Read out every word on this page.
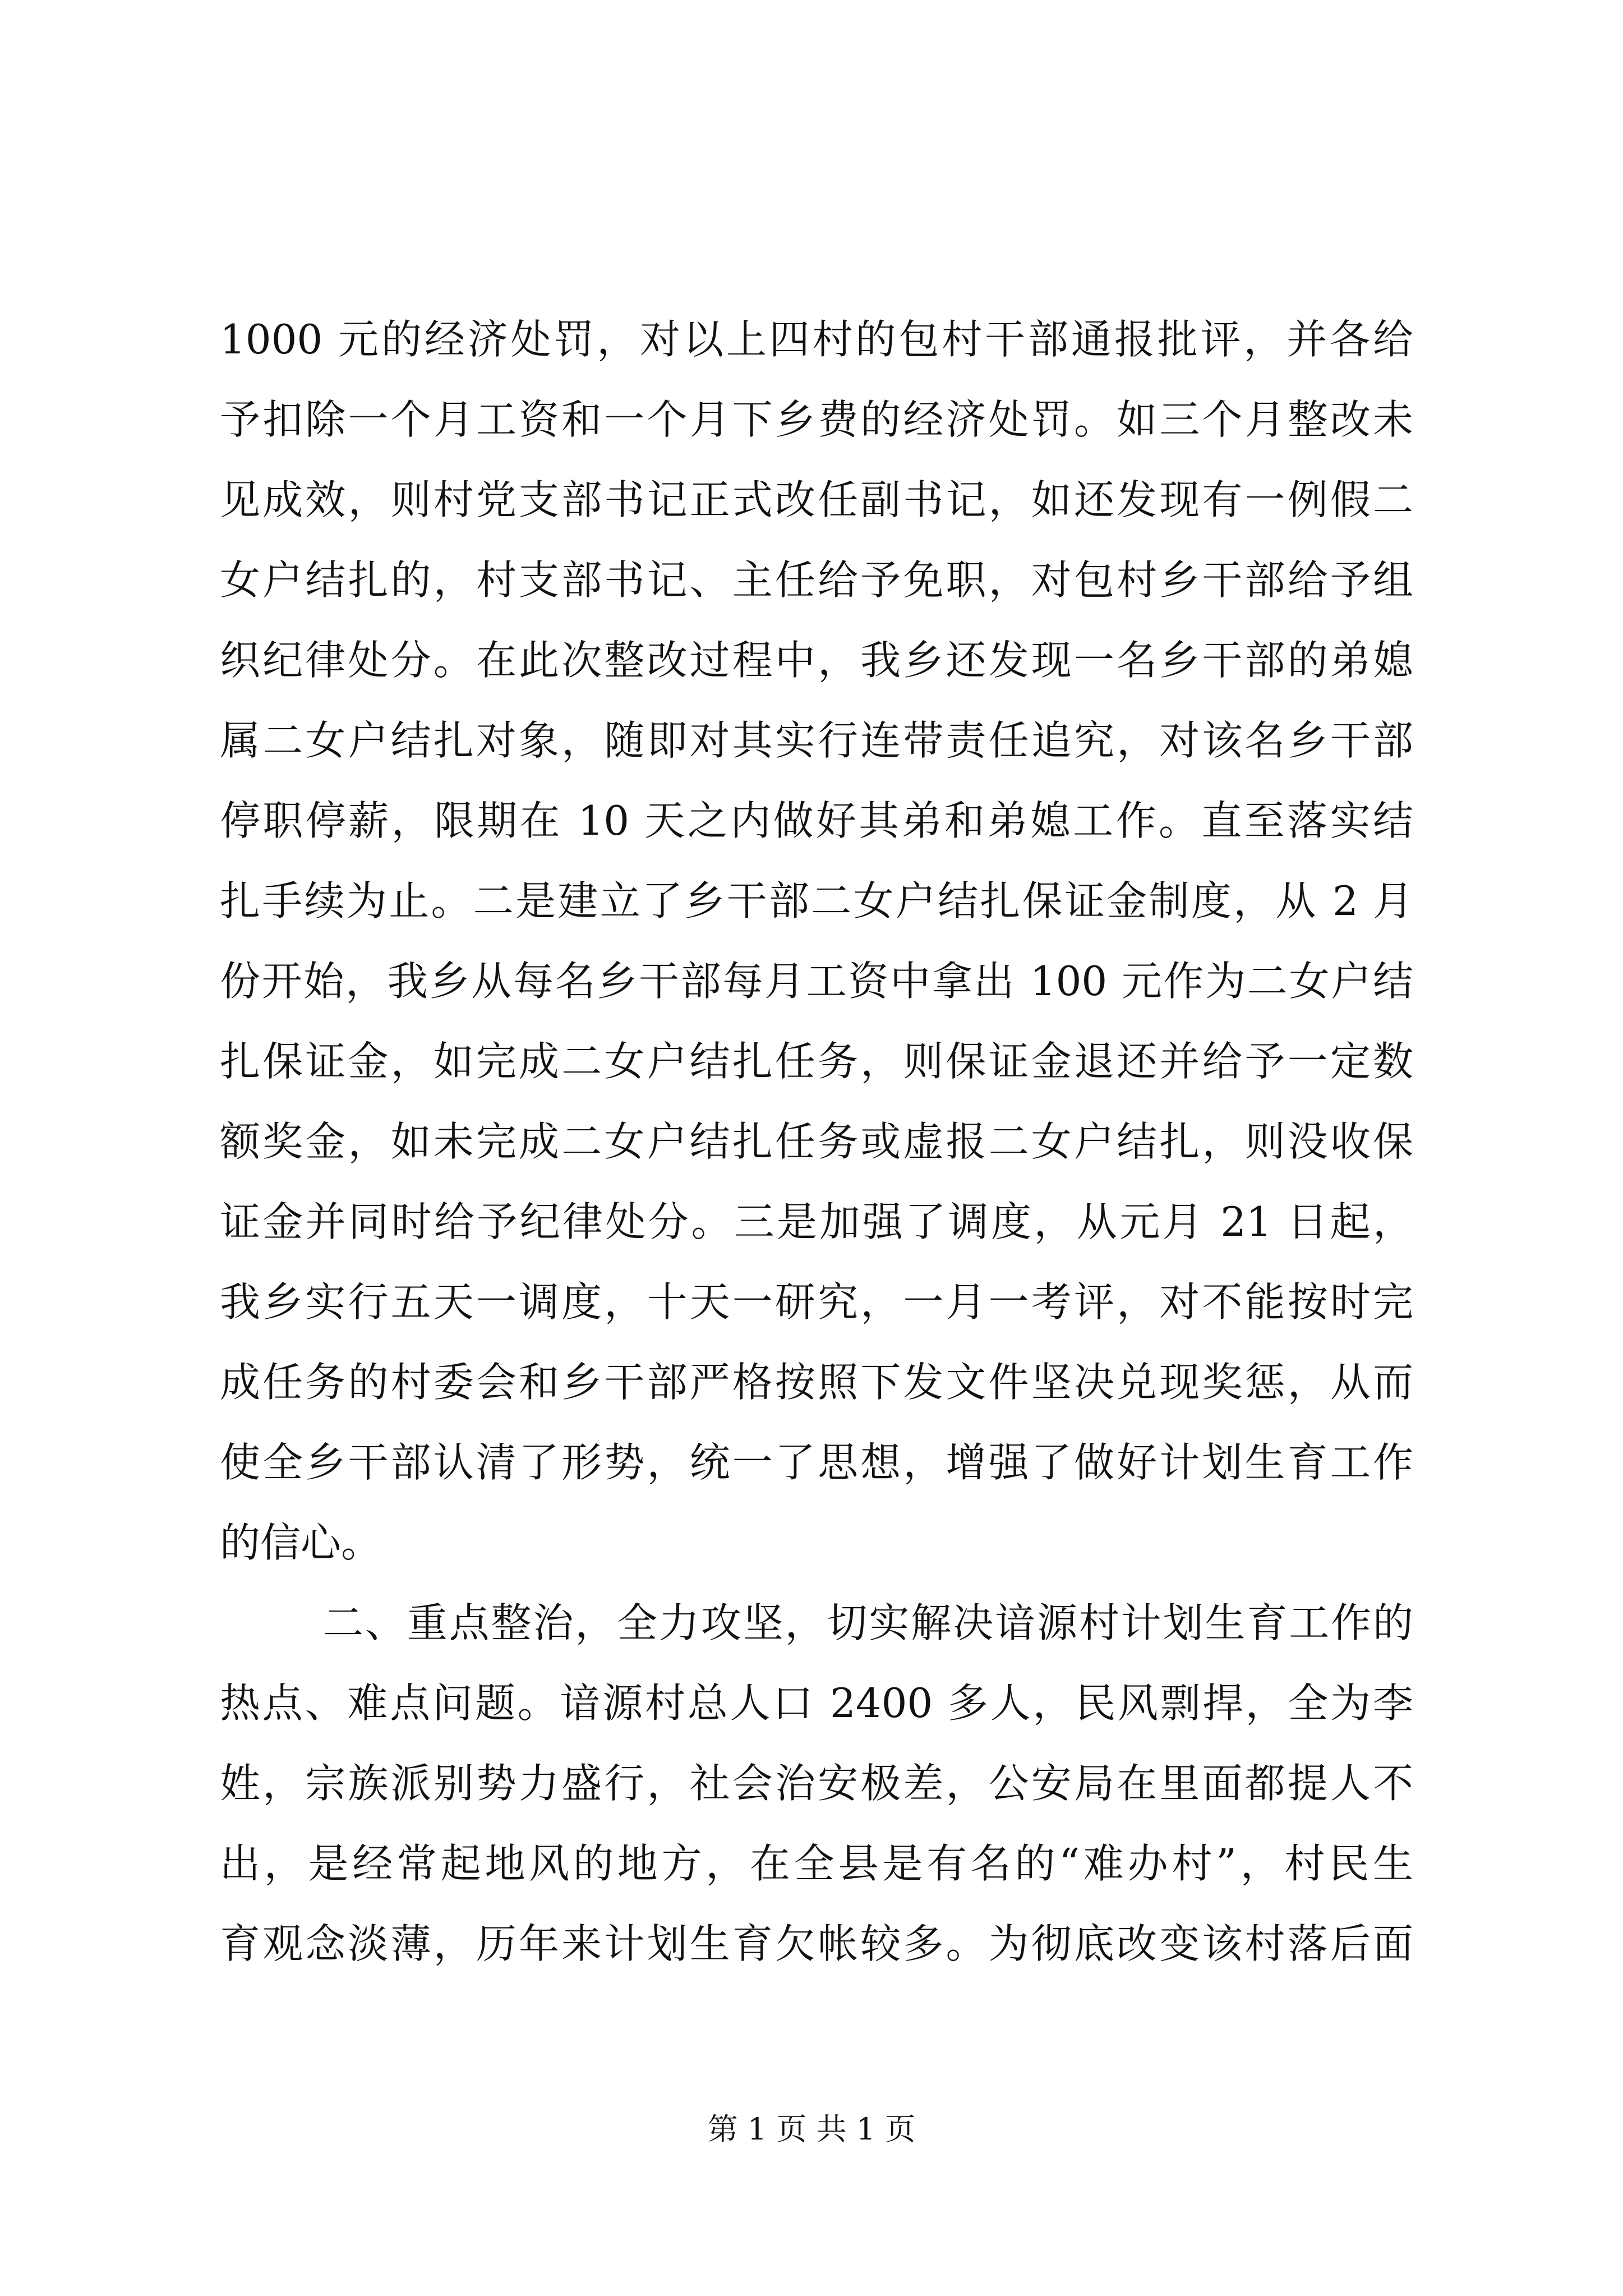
1000 元的经济处罚，对以上四村的包村干部通报批评，并各给
予扣除一个月工资和一个月下乡费的经济处罚。如三个月整改未
见成效，则村党支部书记正式改任副书记，如还发现有一例假二
女户结扎的，村支部书记、主任给予免职，对包村乡干部给予组
织纪律处分。在此次整改过程中，我乡还发现一名乡干部的弟媳
属二女户结扎对象，随即对其实行连带责任追究，对该名乡干部
停职停薪，限期在 10 天之内做好其弟和弟媳工作。直至落实结
扎手续为止。二是建立了乡干部二女户结扎保证金制度，从 2 月
份开始，我乡从每名乡干部每月工资中拿出 100 元作为二女户结
扎保证金，如完成二女户结扎任务，则保证金退还并给予一定数
额奖金，如未完成二女户结扎任务或虚报二女户结扎，则没收保
证金并同时给予纪律处分。三是加强了调度，从元月 21 日起，
我乡实行五天一调度，十天一研究，一月一考评，对不能按时完
成任务的村委会和乡干部严格按照下发文件坚决兑现奖惩，从而
使全乡干部认清了形势，统一了思想，增强了做好计划生育工作
的信心。
二、重点整治，全力攻坚，切实解决谙源村计划生育工作的
热点、难点问题。谙源村总人口 2400 多人，民风剽捍，全为李
姓，宗族派别势力盛行，社会治安极差，公安局在里面都提人不
出，是经常起地风的地方，在全县是有名的“难办村”，村民生
育观念淡薄，历年来计划生育欠帐较多。为彻底改变该村落后面
第 1 页 共 1 页
